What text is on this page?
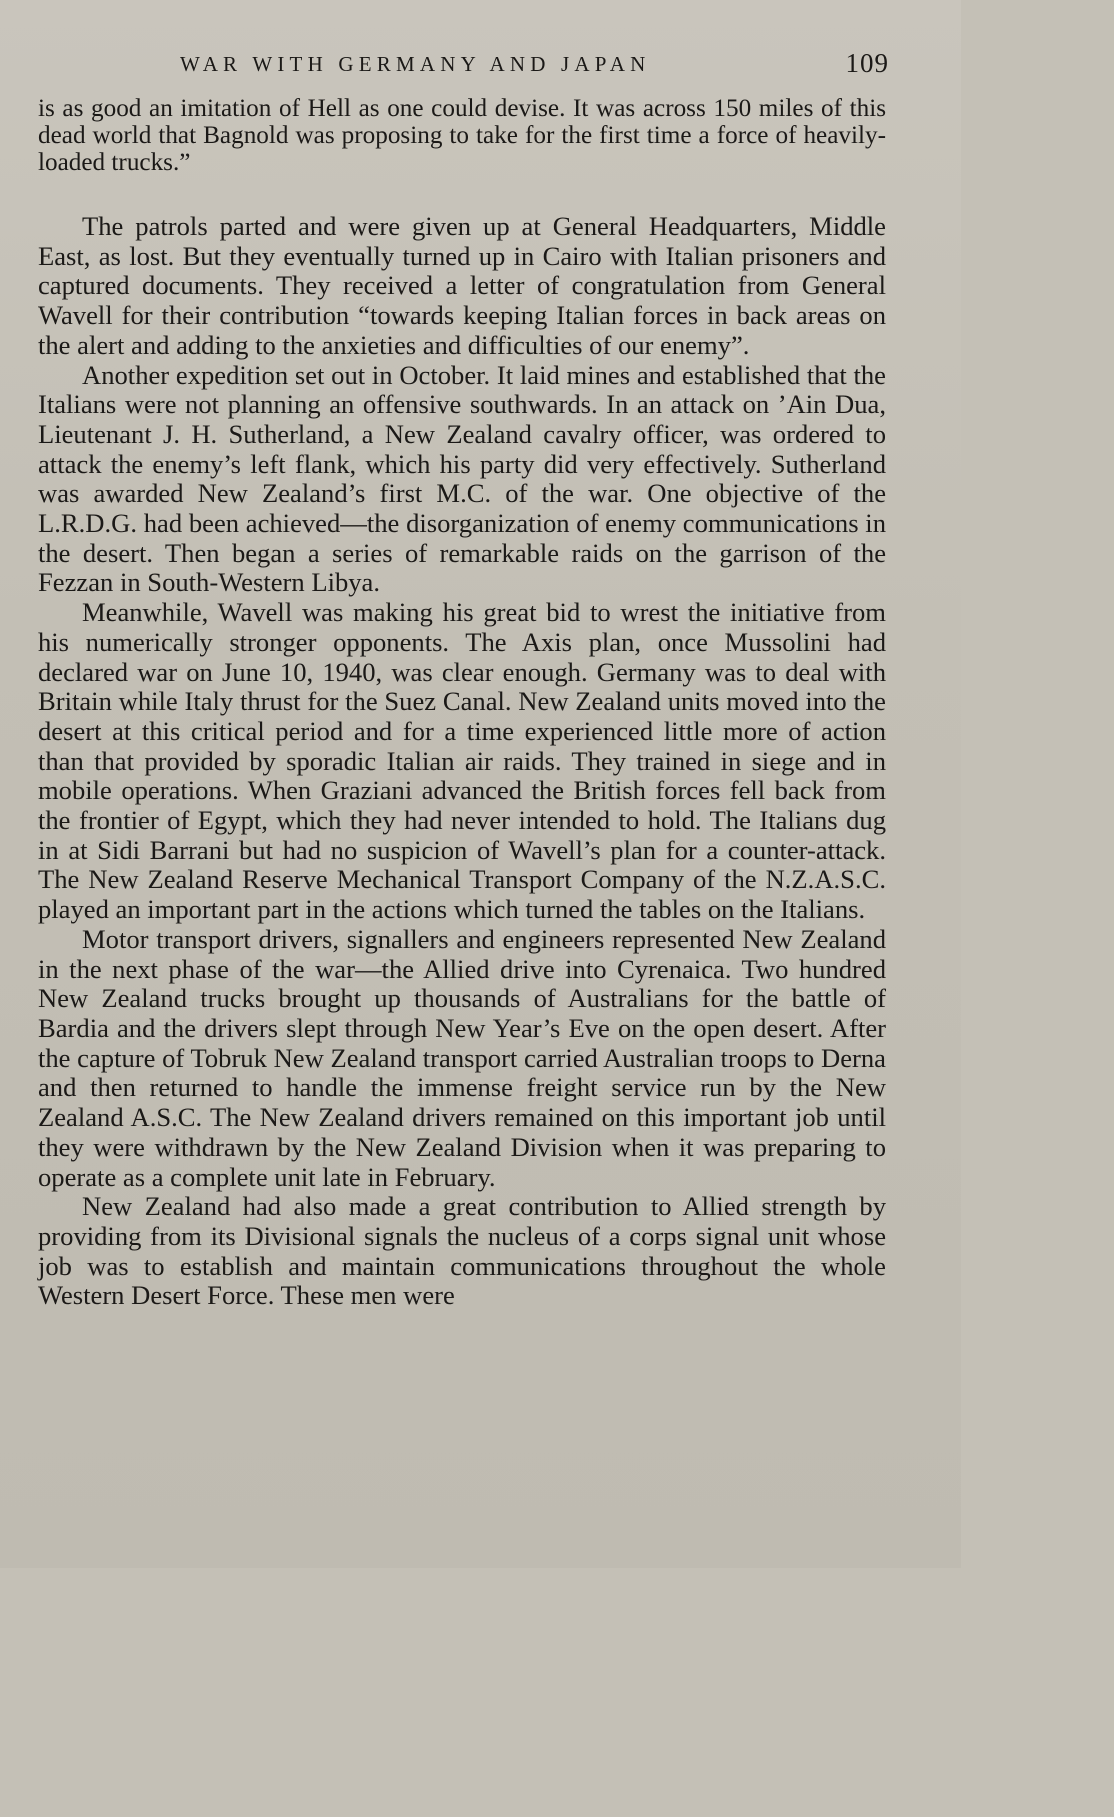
WAR WITH GERMANY AND JAPAN	109

is as good an imitation of Hell as one could devise. It was across 150 miles of this dead world that Bagnold was proposing to take for the first time a force of heavily-loaded trucks.”

The patrols parted and were given up at General Headquarters, Middle East, as lost. But they eventually turned up in Cairo with Italian prisoners and captured documents. They received a letter of congratulation from General Wavell for their contribution “towards keeping Italian forces in back areas on the alert and adding to the anxieties and difficulties of our enemy”.

Another expedition set out in October. It laid mines and established that the Italians were not planning an offensive southwards. In an attack on ’Ain Dua, Lieutenant J. H. Sutherland, a New Zealand cavalry officer, was ordered to attack the enemy’s left flank, which his party did very effectively. Sutherland was awarded New Zealand’s first M.C. of the war. One objective of the L.R.D.G. had been achieved—the disorganization of enemy communications in the desert. Then began a series of remarkable raids on the garrison of the Fezzan in South-Western Libya.

Meanwhile, Wavell was making his great bid to wrest the initiative from his numerically stronger opponents. The Axis plan, once Mussolini had declared war on June 10, 1940, was clear enough. Germany was to deal with Britain while Italy thrust for the Suez Canal. New Zealand units moved into the desert at this critical period and for a time experienced little more of action than that provided by sporadic Italian air raids. They trained in siege and in mobile operations. When Graziani advanced the British forces fell back from the frontier of Egypt, which they had never intended to hold. The Italians dug in at Sidi Barrani but had no suspicion of Wavell’s plan for a counter-attack. The New Zealand Reserve Mechanical Transport Company of the N.Z.A.S.C. played an important part in the actions which turned the tables on the Italians.

Motor transport drivers, signallers and engineers represented New Zealand in the next phase of the war—the Allied drive into Cyrenaica. Two hundred New Zealand trucks brought up thousands of Australians for the battle of Bardia and the drivers slept through New Year’s Eve on the open desert. After the capture of Tobruk New Zealand transport carried Australian troops to Derna and then returned to handle the immense freight service run by the New Zealand A.S.C. The New Zealand drivers remained on this important job until they were withdrawn by the New Zealand Division when it was preparing to operate as a complete unit late in February.

New Zealand had also made a great contribution to Allied strength by providing from its Divisional signals the nucleus of a corps signal unit whose job was to establish and maintain communications throughout the whole Western Desert Force. These men were
